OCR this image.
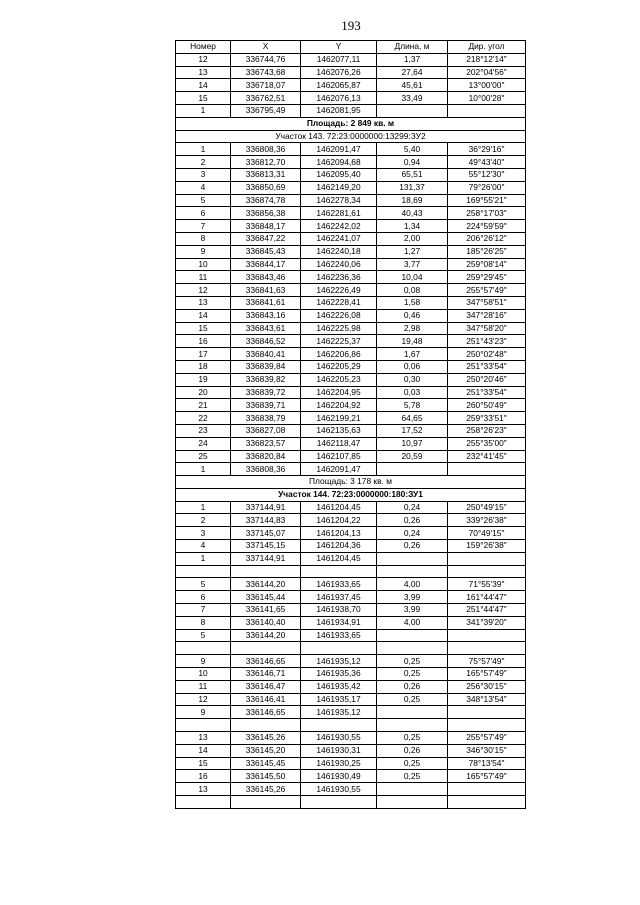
193
Номер	X	Y	Длина, м	Дир. угол
12	336744,76	1462077,11	1,37	218°12'14"
13	336743,68	1462076,26	27,64	202°04'56"
14	336718,07	1462065,87	45,61	13°00'00"
15	336762,51	1462076,13	33,49	10°00'28"
1	336795,49	1462081,95		
Площадь: 2 849 кв. м				
Участок 143. 72:23:0000000:13299:ЗУ2				
1	336808,36	1462091,47	5,40	36°29'16"
2	336812,70	1462094,68	0,94	49°43'40"
3	336813,31	1462095,40	65,51	55°12'30"
4	336850,69	1462149,20	131,37	79°26'00"
5	336874,78	1462278,34	18,69	169°55'21"
6	336856,38	1462281,61	40,43	258°17'03"
7	336848,17	1462242,02	1,34	224°59'59"
8	336847,22	1462241,07	2,00	206°26'12"
9	336845,43	1462240,18	1,27	185°26'25"
10	336844,17	1462240,06	3,77	259°08'14"
11	336843,46	1462236,36	10,04	259°29'45"
12	336841,63	1462226,49	0,08	255°57'49"
13	336841,61	1462228,41	1,58	347°58'51"
14	336843,16	1462226,08	0,46	347°28'16"
15	336843,61	1462225,98	2,98	347°58'20"
16	336846,52	1462225,37	19,48	251°43'23"
17	336840,41	1462206,86	1,67	250°02'48"
18	336839,84	1462205,29	0,06	251°33'54"
19	336839,82	1462205,23	0,30	250°20'46"
20	336839,72	1462204,95	0,03	251°33'54"
21	336839,71	1462204,92	5,78	260°50'49"
22	336838,79	1462199,21	64,65	259°33'51"
23	336827,08	1462135,63	17,52	258°26'23"
24	336823,57	1462118,47	10,97	255°35'00"
25	336820,84	1462107,85	20,59	232°41'45"
1	336808,36	1462091,47		
Площадь: 3 178 кв. м				
Участок 144. 72:23:0000000:180:ЗУ1				
1	337144,91	1461204,45	0,24	250°49'15"
2	337144,83	1461204,22	0,26	339°26'38"
3	337145,07	1461204,13	0,24	70°49'15"
4	337145,15	1461204,36	0,26	159°26'38"
1	337144,91	1461204,45		

5	336144,20	1461933,65	4,00	71°55'39"
6	336145,44	1461937,45	3,99	161°44'47"
7	336141,65	1461938,70	3,99	251°44'47"
8	336140,40	1461934,91	4,00	341°39'20"
5	336144,20	1461933,65		

9	336146,65	1461935,12	0,25	75°57'49"
10	336146,71	1461935,36	0,25	165°57'49"
11	336146,47	1461935,42	0,26	256°30'15"
12	336146,41	1461935,17	0,25	348°13'54"
9	336146,65	1461935,12		

13	336145,26	1461930,55	0,25	255°57'49"
14	336145,20	1461930,31	0,26	346°30'15"
15	336145,45	1461930,25	0,25	78°13'54"
16	336145,50	1461930,49	0,25	165°57'49"
13	336145,26	1461930,55		
